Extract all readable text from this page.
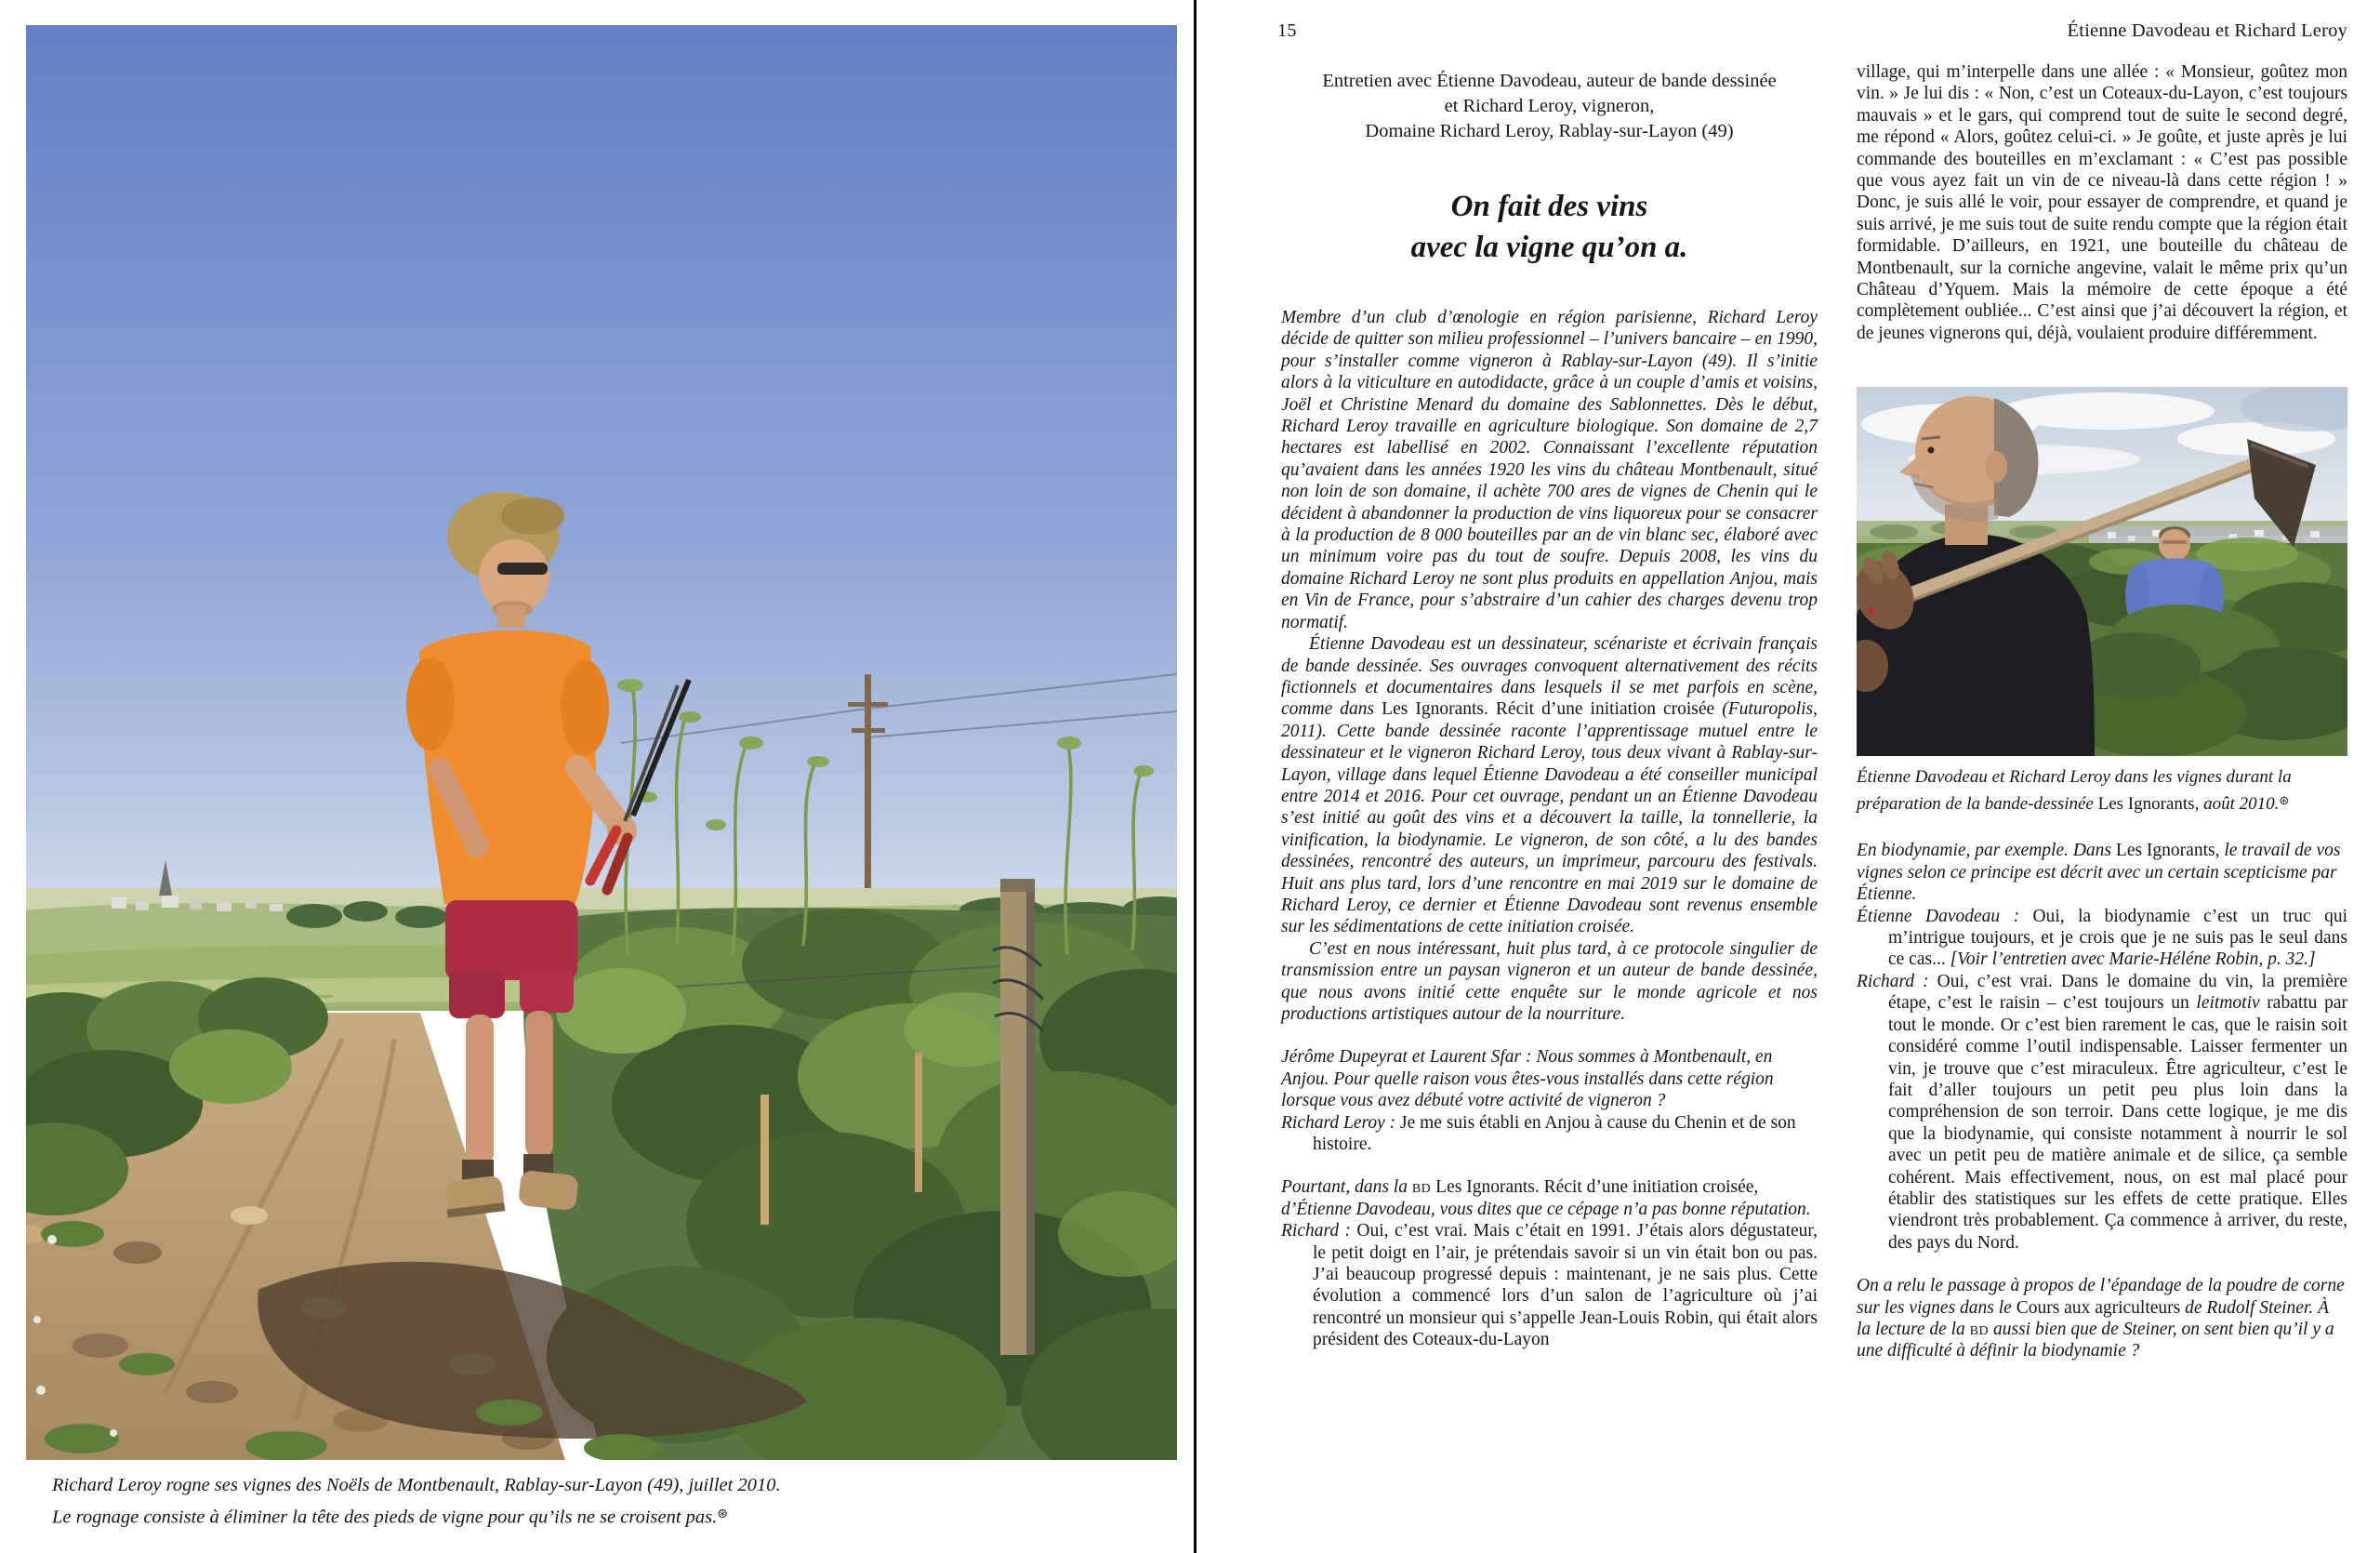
Richard Leroy rogne ses vignes des Noëls de Montbenault, Rablay-sur-Layon (49), juillet 2010.
Le rognage consiste à éliminer la tête des pieds de vigne pour qu’ils ne se croisent pas.⊛
15	Étienne Davodeau et Richard Leroy
Entretien avec Étienne Davodeau, auteur de bande dessinée
et Richard Leroy, vigneron,
Domaine Richard Leroy, Rablay-sur-Layon (49)
On fait des vins
avec la vigne qu’on a.

Membre d’un club d’œnologie en région parisienne, Richard Leroy décide de quitter son milieu professionnel – l’univers bancaire – en 1990, pour s’installer comme vigneron à Rablay-sur-Layon (49). Il s’initie alors à la viticulture en autodidacte, grâce à un couple d’amis et voisins, Joël et Christine Menard du domaine des Sablonnettes. Dès le début, Richard Leroy travaille en agriculture biologique. Son domaine de 2,7 hectares est labellisé en 2002. Connaissant l’excellente réputation qu’avaient dans les années 1920 les vins du château Montbenault, situé non loin de son domaine, il achète 700 ares de vignes de Chenin qui le décident à abandonner la production de vins liquoreux pour se consacrer à la production de 8 000 bouteilles par an de vin blanc sec, élaboré avec un minimum voire pas du tout de soufre. Depuis 2008, les vins du domaine Richard Leroy ne sont plus produits en appellation Anjou, mais en Vin de France, pour s’abstraire d’un cahier des charges devenu trop normatif.

Étienne Davodeau est un dessinateur, scénariste et écrivain français de bande dessinée. Ses ouvrages convoquent alternativement des récits fictionnels et documentaires dans lesquels il se met parfois en scène, comme dans Les Ignorants. Récit d’une initiation croisée (Futuropolis, 2011). Cette bande dessinée raconte l’apprentissage mutuel entre le dessinateur et le vigneron Richard Leroy, tous deux vivant à Rablay-sur-Layon, village dans lequel Étienne Davodeau a été conseiller municipal entre 2014 et 2016. Pour cet ouvrage, pendant un an Étienne Davodeau s’est initié au goût des vins et a découvert la taille, la tonnellerie, la vinification, la biodynamie. Le vigneron, de son côté, a lu des bandes dessinées, rencontré des auteurs, un imprimeur, parcouru des festivals. Huit ans plus tard, lors d’une rencontre en mai 2019 sur le domaine de Richard Leroy, ce dernier et Étienne Davodeau sont revenus ensemble sur les sédimentations de cette initiation croisée.

C’est en nous intéressant, huit plus tard, à ce protocole singulier de transmission entre un paysan vigneron et un auteur de bande dessinée, que nous avons initié cette enquête sur le monde agricole et nos productions artistiques autour de la nourriture.

Jérôme Dupeyrat et Laurent Sfar : Nous sommes à Montbenault, en Anjou. Pour quelle raison vous êtes-vous installés dans cette région lorsque vous avez débuté votre activité de vigneron ?

Richard Leroy : Je me suis établi en Anjou à cause du Chenin et de son histoire.

Pourtant, dans la bd Les Ignorants. Récit d’une initiation croisée, d’Étienne Davodeau, vous dites que ce cépage n’a pas bonne réputation.

Richard : Oui, c’est vrai. Mais c’était en 1991. J’étais alors dégustateur, le petit doigt en l’air, je prétendais savoir si un vin était bon ou pas. J’ai beaucoup progressé depuis : maintenant, je ne sais plus. Cette évolution a commencé lors d’un salon de l’agriculture où j’ai rencontré un monsieur qui s’appelle Jean-Louis Robin, qui était alors président des Coteaux-du-Layon

village, qui m’interpelle dans une allée : « Monsieur, goûtez mon vin. » Je lui dis : « Non, c’est un Coteaux-du-Layon, c’est toujours mauvais » et le gars, qui comprend tout de suite le second degré, me répond « Alors, goûtez celui-ci. » Je goûte, et juste après je lui commande des bouteilles en m’exclamant : « C’est pas possible que vous ayez fait un vin de ce niveau-là dans cette région ! » Donc, je suis allé le voir, pour essayer de comprendre, et quand je suis arrivé, je me suis tout de suite rendu compte que la région était formidable. D’ailleurs, en 1921, une bouteille du château de Montbenault, sur la corniche angevine, valait le même prix qu’un Château d’Yquem. Mais la mémoire de cette époque a été complètement oubliée... C’est ainsi que j’ai découvert la région, et de jeunes vignerons qui, déjà, voulaient produire différemment.

Étienne Davodeau et Richard Leroy dans les vignes durant la préparation de la bande-dessinée Les Ignorants, août 2010.⊛

En biodynamie, par exemple. Dans Les Ignorants, le travail de vos vignes selon ce principe est décrit avec un certain scepticisme par Étienne.

Étienne Davodeau : Oui, la biodynamie c’est un truc qui m’intrigue toujours, et je crois que je ne suis pas le seul dans ce cas... [Voir l’entretien avec Marie-Héléne Robin, p. 32.]

Richard : Oui, c’est vrai. Dans le domaine du vin, la première étape, c’est le raisin – c’est toujours un leitmotiv rabattu par tout le monde. Or c’est bien rarement le cas, que le raisin soit considéré comme l’outil indispensable. Laisser fermenter un vin, je trouve que c’est miraculeux. Être agriculteur, c’est le fait d’aller toujours un petit peu plus loin dans la compréhension de son terroir. Dans cette logique, je me dis que la biodynamie, qui consiste notamment à nourrir le sol avec un petit peu de matière animale et de silice, ça semble cohérent. Mais effectivement, nous, on est mal placé pour établir des statistiques sur les effets de cette pratique. Elles viendront très probablement. Ça commence à arriver, du reste, des pays du Nord.

On a relu le passage à propos de l’épandage de la poudre de corne sur les vignes dans le Cours aux agriculteurs de Rudolf Steiner. À la lecture de la bd aussi bien que de Steiner, on sent bien qu’il y a une difficulté à définir la biodynamie ?
